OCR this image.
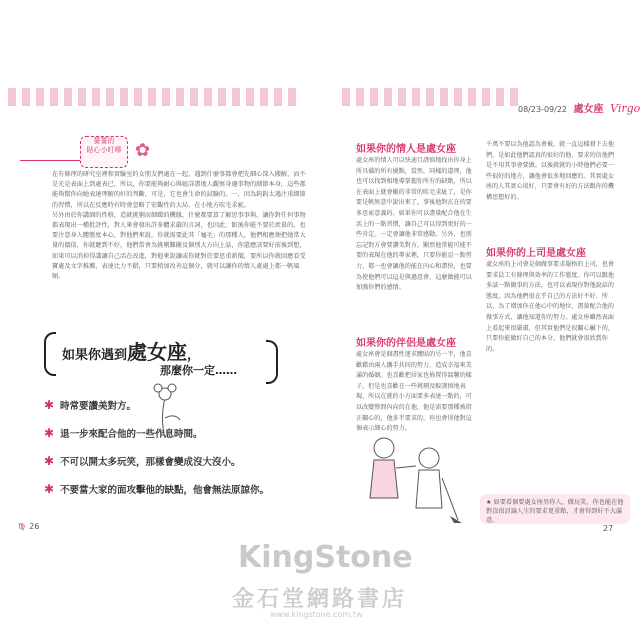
薔薔的
貼心小叮嚀 ✿

在有條理的研究室裡和實驗室的女朋友們處在一起，遇到什麼事都會把先細心深入搬解，而不是光是表面上到處表已，所以，你要能夠耐心與她詳盡地人觀察身邊事物的細節本身，這些都能夠幫你向她表達理解的好的判斷，可是，它也會生命的試驗的。一，因為鈎鈎太遇注重細節的習慣，所以在反應時有時會忽略了宏觀性的大局，在小地方吹毛求疵。

另外由於你講細的性格，造就挑剔而細緻的機緣，什麼都要算了解思事事與，讓你對任何事物都表現出一種批評性，對人來會發出許多體求嚴的言詞，也因此，館後你能不要於羨慕的，也要注意身人體態度本心，對他們來說，你就需要此其「龜毛」的那種人，他們相應便把她常大量的價值，你就聽到不好，他們當會為挑剔難攏及個別大方向上話，你還應該要好前後到想，如果可以消掉得講讓自己活在改進，對他來說讓或你就對於要思重新價，要所以你就回應看受寶處及文字推薦，表達比力不錯，只要稍加改善這個分，就可以讓你的情人處處上都一帆風順。

如果你遇到處女座，
那麼你一定……
✱ 時常要讚美對方。
✱ 退一步來配合他的一些作息時間。
✱ 不可以開太多玩笑，那樣會變成沒大沒小。
✱ 不要當大家的面攻擊他的缺點，他會無法原諒你。
♍ 26
08/23-09/22 處女座 Virgo
如果你的情人是處女座

處女座的情人可以快速且謹慎地找出你身上所具備的所有優點，當然，同樣的道理，他也可以找到相地導掌握你所有的缺點，所以在表面上就會顯的非常的吹毛求疵了，是你要是帆無意中說出來了，事後他對玄在的要多思索意義的。如果你可以盡量配合他在生活上的一點習慣，讓自己可以得到更好的一些肯定。一定會讓他非常感動。另外，也別忘記對方會要讚美對方，顯然他常能可能不要的表現在他的專家裡，只要你能忍一點努力，都一也會讓他的能在內心和盡快，也要為使他們可以這是與過意會，這麼做能可以加強你們的感情。

如果你的伴侶是處女座

處女座會是個盡性逐求體貼的另一半，他喜歡藉由兩人攜手共同的努力，造成幸福來美滿的婚姻。也喜歡把居家也佈置得溫馨的樣子，但是也喜歡在一些挑剔及較謹慎地表現，所以在就的小方面要多表達一點的，可以改變整間內向的在他，他是需要那種被指正關心的，他多半要求的，你也會得他對這個表示細心的努力。

千萬不要以為他認為會被，就一直這樣發下去他們，是如此他們認真的很好的他，要求的信他們是不用其事會要做。以後就就的小時他們必要一些很好的地方，讓他會很多地回應的。其實處女座的人其實心很好，只要會有好的方法跟你的機構思想好的。

如果你的上司是處女座

處女座的上司會是個做事要求嚴格的上司，也會要求員工有條理與效率的工作態度。你可以跟他多談一點做事的方法，也可以表現你對他說話的態度，因為他們很在乎自己的方法好不好。所以，為了增加你在他心中的地位，盡量配合他的做事方式，讓他知道你的努力。處女座雖然表面上看起來很嚴肅，但其實他們是很關心屬下的，只要你能做好自己的本分，他們就會很欣賞你的。

★ 如要看個要處女座男你人，做玩笑，你也能在他對沒很討論人生的要求更重點，才會得到好不大滿意。
27
KingStone
金石堂網路書店
www.kingstone.com.tw
